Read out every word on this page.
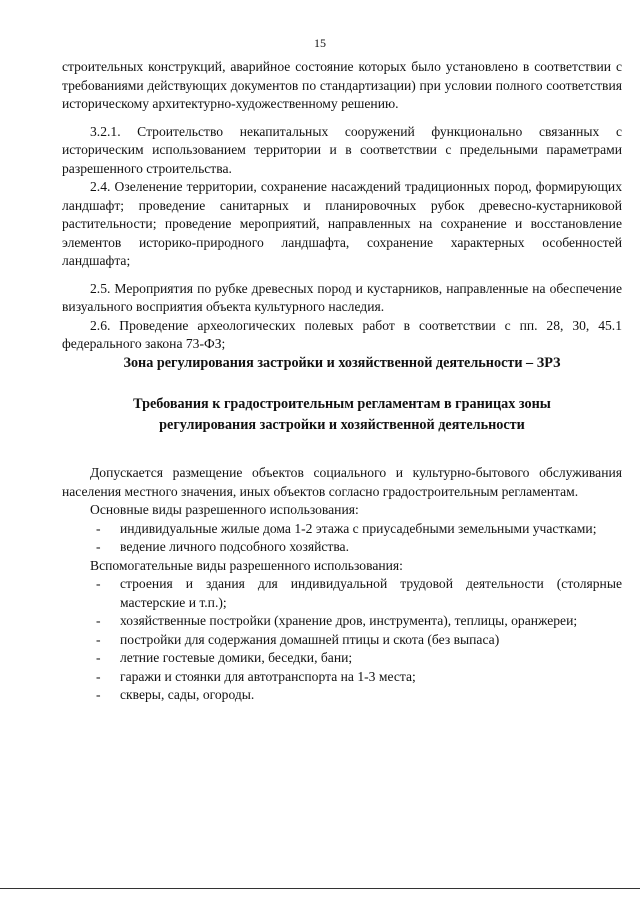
15

строительных конструкций, аварийное состояние которых было установлено в соответствии с требованиями действующих документов по стандартизации) при условии полного соответствия историческому архитектурно-художественному решению.

3.2.1. Строительство некапитальных сооружений функционально связанных с историческим использованием территории и в соответствии с предельными параметрами разрешенного строительства.

2.4. Озеленение территории, сохранение насаждений традиционных пород, формирующих ландшафт; проведение санитарных и планировочных рубок древесно-кустарниковой растительности; проведение мероприятий, направленных на сохранение и восстановление элементов историко-природного ландшафта, сохранение характерных особенностей ландшафта;

2.5. Мероприятия по рубке древесных пород и кустарников, направленные на обеспечение визуального восприятия объекта культурного наследия.

2.6. Проведение археологических полевых работ в соответствии с пп. 28, 30, 45.1 федерального закона 73-ФЗ;

Зона регулирования застройки и хозяйственной деятельности – ЗРЗ

Требования к градостроительным регламентам в границах зоны
регулирования застройки и хозяйственной деятельности

Допускается размещение объектов социального и культурно-бытового обслуживания населения местного значения, иных объектов согласно градостроительным регламентам.

Основные виды разрешенного использования:
- индивидуальные жилые дома 1-2 этажа с приусадебными земельными участками;
- ведение личного подсобного хозяйства.
Вспомогательные виды разрешенного использования:
- строения и здания для индивидуальной трудовой деятельности (столярные мастерские и т.п.);
- хозяйственные постройки (хранение дров, инструмента), теплицы, оранжереи;
- постройки для содержания домашней птицы и скота (без выпаса)
- летние гостевые домики, беседки, бани;
- гаражи и стоянки для автотранспорта на 1-3 места;
- скверы, сады, огороды.
